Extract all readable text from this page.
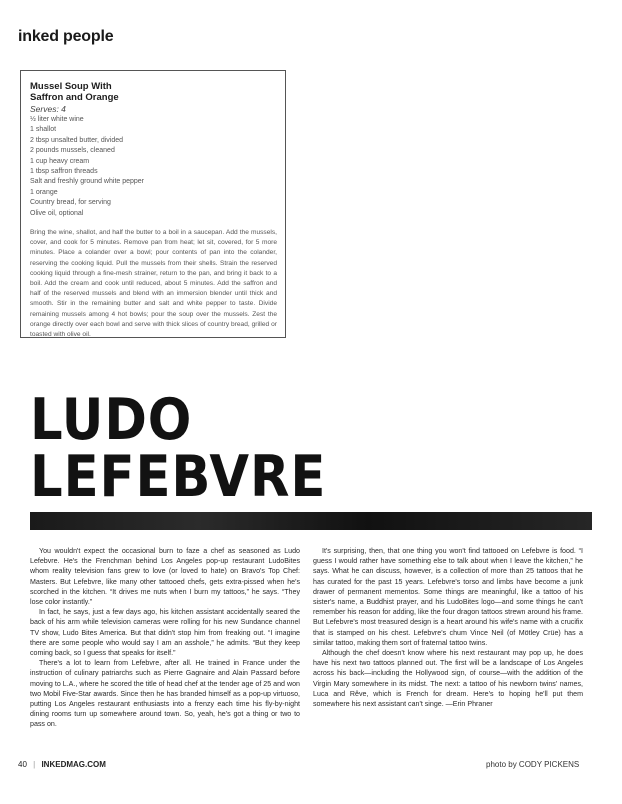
inked people

Mussel Soup With

Saffron and Orange

Serves: 4

½ liter white wine
1 shallot
2 tbsp unsalted butter, divided
2 pounds mussels, cleaned
1 cup heavy cream
1 tbsp saffron threads
Salt and freshly ground white pepper
1 orange
Country bread, for serving
Olive oil, optional

Bring the wine, shallot, and half the butter to a boil in a saucepan. Add the mussels, cover, and cook for 5 minutes. Remove pan from heat; let sit, covered, for 5 more minutes. Place a colander over a bowl; pour contents of pan into the colander, reserving the cooking liquid. Pull the mussels from their shells. Strain the reserved cooking liquid through a fine-mesh strainer, return to the pan, and bring it back to a boil. Add the cream and cook until reduced, about 5 minutes. Add the saffron and half of the reserved mussels and blend with an immersion blender until thick and smooth. Stir in the remaining butter and salt and white pepper to taste. Divide remaining mussels among 4 hot bowls; pour the soup over the mussels. Zest the orange directly over each bowl and serve with thick slices of country bread, grilled or toasted with olive oil.

LUDO
LEFEBVRE

You wouldn't expect the occasional burn to faze a chef as seasoned as Ludo Lefebvre. He's the Frenchman behind Los Angeles pop-up restaurant LudoBites whom reality television fans grew to love (or loved to hate) on Bravo's Top Chef: Masters. But Lefebvre, like many other tattooed chefs, gets extra-pissed when he's scorched in the kitchen. “It drives me nuts when I burn my tattoos,” he says. “They lose color instantly.”

In fact, he says, just a few days ago, his kitchen assistant accidentally seared the back of his arm while television cameras were rolling for his new Sundance channel TV show, Ludo Bites America. But that didn't stop him from freaking out. “I imagine there are some people who would say I am an asshole,” he admits. “But they keep coming back, so I guess that speaks for itself.”

There's a lot to learn from Lefebvre, after all. He trained in France under the instruction of culinary patriarchs such as Pierre Gagnaire and Alain Passard before moving to L.A., where he scored the title of head chef at the tender age of 25 and won two Mobil Five-Star awards. Since then he has branded himself as a pop-up virtuoso, putting Los Angeles restaurant enthusiasts into a frenzy each time his fly-by-night dining rooms turn up somewhere around town. So, yeah, he's got a thing or two to pass on.

It's surprising, then, that one thing you won't find tattooed on Lefebvre is food. “I guess I would rather have something else to talk about when I leave the kitchen,” he says. What he can discuss, however, is a collection of more than 25 tattoos that he has curated for the past 15 years. Lefebvre's torso and limbs have become a junk drawer of permanent mementos. Some things are meaningful, like a tattoo of his sister's name, a Buddhist prayer, and his LudoBites logo—and some things he can't remember his reason for adding, like the four dragon tattoos strewn around his frame. But Lefebvre's most treasured design is a heart around his wife's name with a crucifix that is stamped on his chest. Lefebvre's chum Vince Neil (of Mötley Crüe) has a similar tattoo, making them sort of fraternal tattoo twins.

Although the chef doesn't know where his next restaurant may pop up, he does have his next two tattoos planned out. The first will be a landscape of Los Angeles across his back—including the Hollywood sign, of course—with the addition of the Virgin Mary somewhere in its midst. The next: a tattoo of his newborn twins' names, Luca and Rêve, which is French for dream. Here's to hoping he'll put them somewhere his next assistant can't singe. —Erin Phraner

40 | INKEDMAG.COM	photo by CODY PICKENS
